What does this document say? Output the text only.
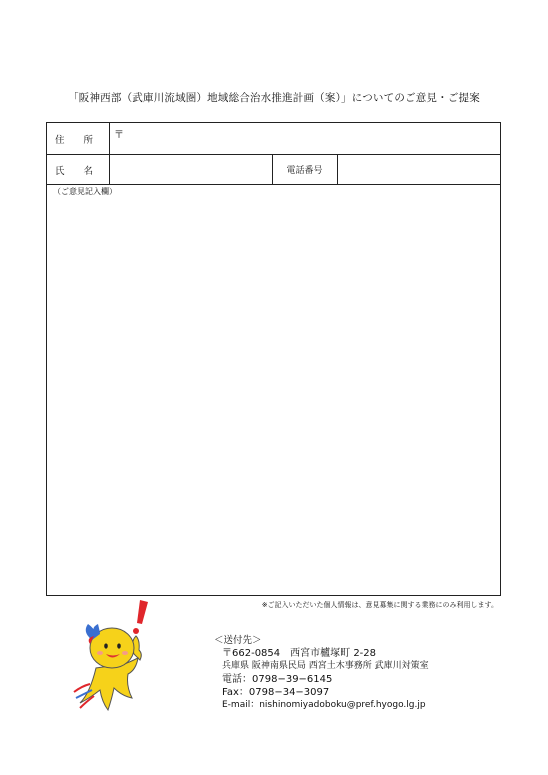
「阪神西部（武庫川流域圏）地域総合治水推進計画（案）」についてのご意見・ご提案
住 所	〒
氏 名	電話番号
（ご意見記入欄）
※ご記入いただいた個人情報は、意見募集に関する業務にのみ利用します。
＜送付先＞
〒662-0854　西宮市櫨塚町 2-28
兵庫県 阪神南県民局 西宮土木事務所 武庫川対策室
電話：0798−39−6145
Fax：0798−34−3097
E-mail：nishinomiyadoboku@pref.hyogo.lg.jp
